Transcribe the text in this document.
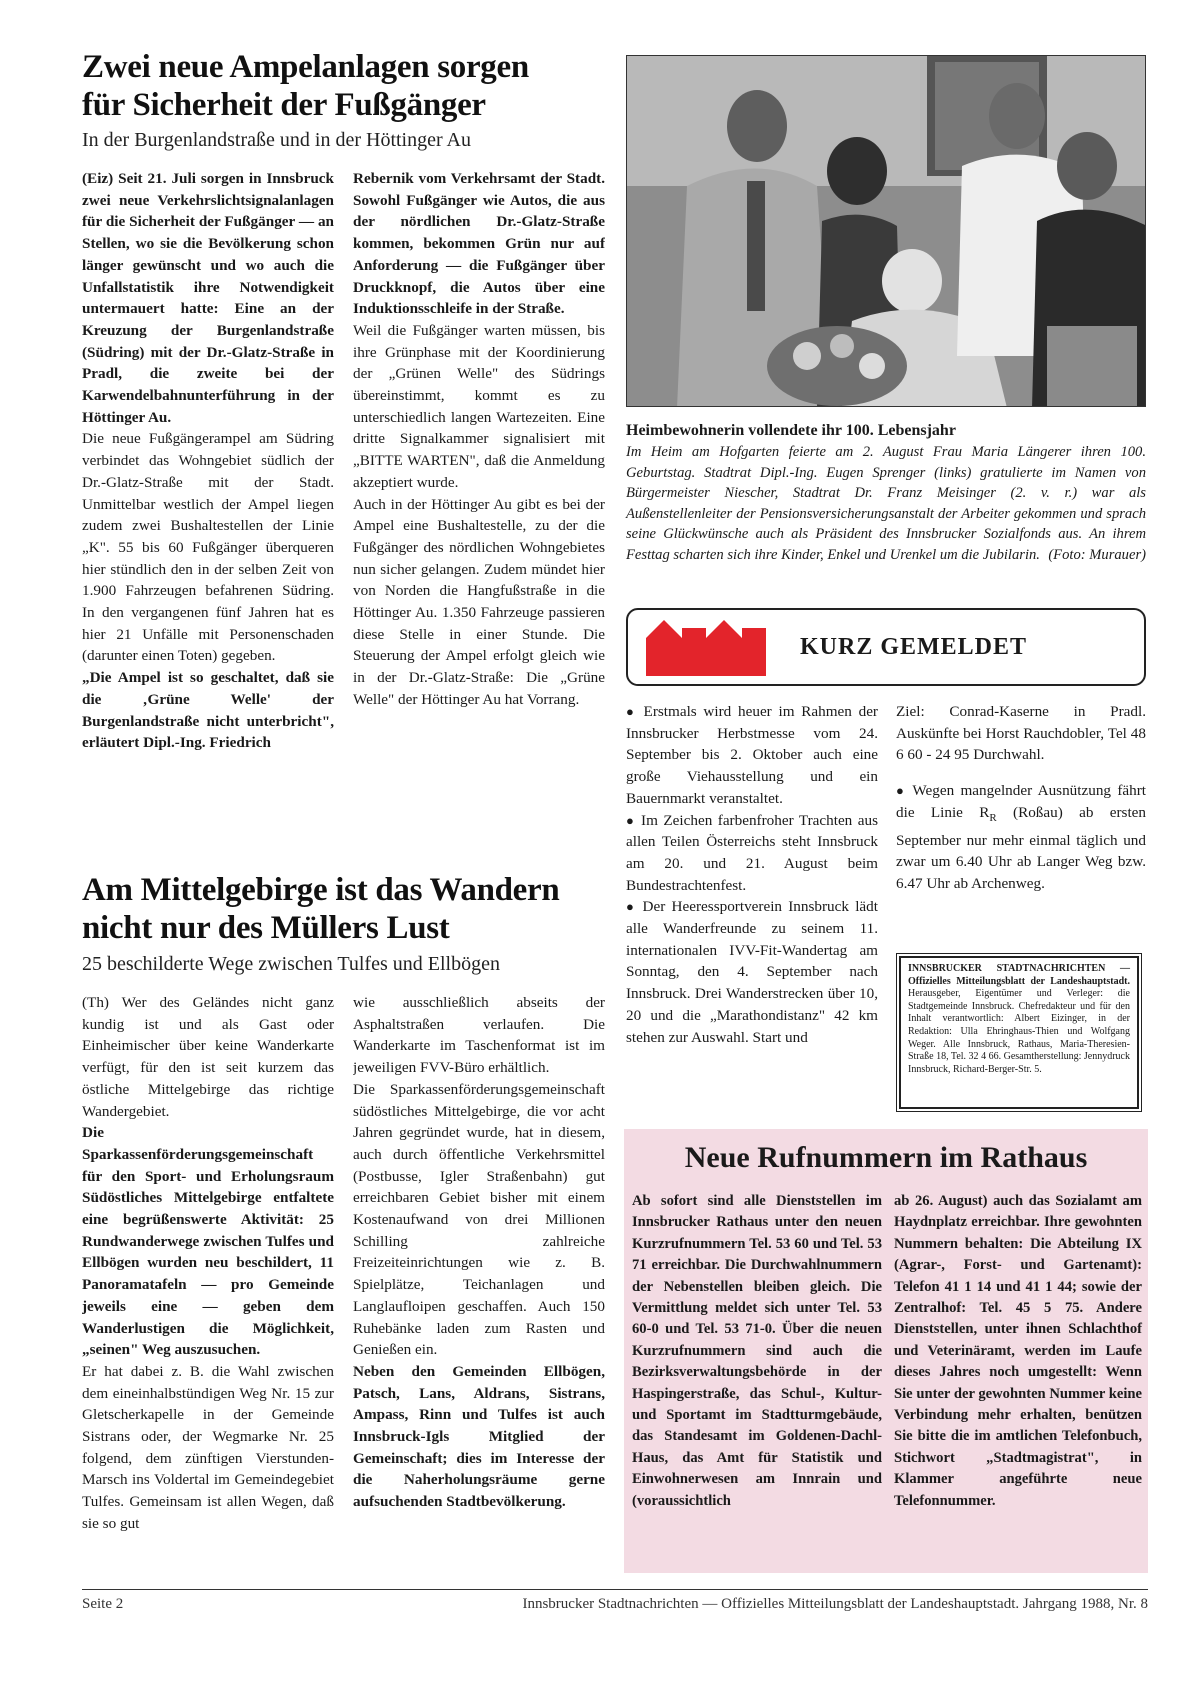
Zwei neue Ampelanlagen sorgen
für Sicherheit der Fußgänger
In der Burgenlandstraße und in der Höttinger Au

(Eiz) Seit 21. Juli sorgen in Innsbruck zwei neue Verkehrslichtsignalanlagen für die Sicherheit der Fußgänger — an Stellen, wo sie die Bevölkerung schon länger gewünscht und wo auch die Unfallstatistik ihre Notwendigkeit untermauert hatte: Eine an der Kreuzung der Burgenlandstraße (Südring) mit der Dr.-Glatz-Straße in Pradl, die zweite bei der Karwendelbahnunterführung in der Höttinger Au.

Die neue Fußgängerampel am Südring verbindet das Wohngebiet südlich der Dr.-Glatz-Straße mit der Stadt. Unmittelbar westlich der Ampel liegen zudem zwei Bushaltestellen der Linie „K". 55 bis 60 Fußgänger überqueren hier stündlich den in der selben Zeit von 1.900 Fahrzeugen befahrenen Südring. In den vergangenen fünf Jahren hat es hier 21 Unfälle mit Personenschaden (darunter einen Toten) gegeben.

„Die Ampel ist so geschaltet, daß sie die ‚Grüne Welle' der Burgenlandstraße nicht unterbricht", erläutert Dipl.-Ing. Friedrich

Rebernik vom Verkehrsamt der Stadt. Sowohl Fußgänger wie Autos, die aus der nördlichen Dr.-Glatz-Straße kommen, bekommen Grün nur auf Anforderung — die Fußgänger über Druckknopf, die Autos über eine Induktionsschleife in der Straße.

Weil die Fußgänger warten müssen, bis ihre Grünphase mit der Koordinierung der „Grünen Welle" des Südrings übereinstimmt, kommt es zu unterschiedlich langen Wartezeiten. Eine dritte Signalkammer signalisiert mit „BITTE WARTEN", daß die Anmeldung akzeptiert wurde.

Auch in der Höttinger Au gibt es bei der Ampel eine Bushaltestelle, zu der die Fußgänger des nördlichen Wohngebietes nun sicher gelangen. Zudem mündet hier von Norden die Hangfußstraße in die Höttinger Au. 1.350 Fahrzeuge passieren diese Stelle in einer Stunde. Die Steuerung der Ampel erfolgt gleich wie in der Dr.-Glatz-Straße: Die „Grüne Welle" der Höttinger Au hat Vorrang.

Heimbewohnerin vollendete ihr 100. Lebensjahr
Im Heim am Hofgarten feierte am 2. August Frau Maria Längerer ihren 100. Geburtstag. Stadtrat Dipl.-Ing. Eugen Sprenger (links) gratulierte im Namen von Bürgermeister Niescher, Stadtrat Dr. Franz Meisinger (2. v. r.) war als Außenstellenleiter der Pensionsversicherungsanstalt der Arbeiter gekommen und sprach seine Glückwünsche auch als Präsident des Innsbrucker Sozialfonds aus. An ihrem Festtag scharten sich ihre Kinder, Enkel und Urenkel um die Jubilarin. (Foto: Murauer)
KURZ GEMELDET

● Erstmals wird heuer im Rahmen der Innsbrucker Herbstmesse vom 24. September bis 2. Oktober auch eine große Viehausstellung und ein Bauernmarkt veranstaltet.

● Im Zeichen farbenfroher Trachten aus allen Teilen Österreichs steht Innsbruck am 20. und 21. August beim Bundestrachtenfest.

● Der Heeressportverein Innsbruck lädt alle Wanderfreunde zu seinem 11. internationalen IVV-Fit-Wandertag am Sonntag, den 4. September nach Innsbruck. Drei Wanderstrecken über 10, 20 und die „Marathondistanz" 42 km stehen zur Auswahl. Start und

Ziel: Conrad-Kaserne in Pradl. Auskünfte bei Horst Rauchdobler, Tel 48 6 60 - 24 95 Durchwahl.

● Wegen mangelnder Ausnützung fährt die Linie $R_R$ (Roßau) ab ersten September nur mehr einmal täglich und zwar um 6.40 Uhr ab Langer Weg bzw. 6.47 Uhr ab Archenweg.

INNSBRUCKER STADTNACHRICHTEN — Offizielles Mitteilungsblatt der Landeshauptstadt. Herausgeber, Eigentümer und Verleger: die Stadtgemeinde Innsbruck. Chefredakteur und für den Inhalt verantwortlich: Albert Eizinger, in der Redaktion: Ulla Ehringhaus-Thien und Wolfgang Weger. Alle Innsbruck, Rathaus, Maria-Theresien-Straße 18, Tel. 32 4 66. Gesamtherstellung: Jennydruck Innsbruck, Richard-Berger-Str. 5.
Am Mittelgebirge ist das Wandern
nicht nur des Müllers Lust
25 beschilderte Wege zwischen Tulfes und Ellbögen

(Th) Wer des Geländes nicht ganz kundig ist und als Gast oder Einheimischer über keine Wanderkarte verfügt, für den ist seit kurzem das östliche Mittelgebirge das richtige Wandergebiet.

Die Sparkassenförderungsgemeinschaft für den Sport- und Erholungsraum Südöstliches Mittelgebirge entfaltete eine begrüßenswerte Aktivität: 25 Rundwanderwege zwischen Tulfes und Ellbögen wurden neu beschildert, 11 Panoramatafeln — pro Gemeinde jeweils eine — geben dem Wanderlustigen die Möglichkeit, „seinen" Weg auszusuchen.

Er hat dabei z. B. die Wahl zwischen dem eineinhalbstündigen Weg Nr. 15 zur Gletscherkapelle in der Gemeinde Sistrans oder, der Wegmarke Nr. 25 folgend, dem zünftigen Vierstunden-Marsch ins Voldertal im Gemeindegebiet Tulfes. Gemeinsam ist allen Wegen, daß sie so gut

wie ausschließlich abseits der Asphaltstraßen verlaufen. Die Wanderkarte im Taschenformat ist im jeweiligen FVV-Büro erhältlich.

Die Sparkassenförderungsgemeinschaft südöstliches Mittelgebirge, die vor acht Jahren gegründet wurde, hat in diesem, auch durch öffentliche Verkehrsmittel (Postbusse, Igler Straßenbahn) gut erreichbaren Gebiet bisher mit einem Kostenaufwand von drei Millionen Schilling zahlreiche Freizeiteinrichtungen wie z. B. Spielplätze, Teichanlagen und Langlaufloipen geschaffen. Auch 150 Ruhebänke laden zum Rasten und Genießen ein.

Neben den Gemeinden Ellbögen, Patsch, Lans, Aldrans, Sistrans, Ampass, Rinn und Tulfes ist auch Innsbruck-Igls Mitglied der Gemeinschaft; dies im Interesse der die Naherholungsräume gerne aufsuchenden Stadtbevölkerung.

Neue Rufnummern im Rathaus
Ab sofort sind alle Dienststellen im Innsbrucker Rathaus unter den neuen Kurzrufnummern Tel. 53 60 und Tel. 53 71 erreichbar. Die Durchwahlnummern der Nebenstellen bleiben gleich. Die Vermittlung meldet sich unter Tel. 53 60-0 und Tel. 53 71-0. Über die neuen Kurzrufnummern sind auch die Bezirksverwaltungsbehörde in der Haspingerstraße, das Schul-, Kultur- und Sportamt im Stadtturmgebäude, das Standesamt im Goldenen-Dachl-Haus, das Amt für Statistik und Einwohnerwesen am Innrain und (voraussichtlich
ab 26. August) auch das Sozialamt am Haydnplatz erreichbar. Ihre gewohnten Nummern behalten: Die Abteilung IX (Agrar-, Forst- und Gartenamt): Telefon 41 1 14 und 41 1 44; sowie der Zentralhof: Tel. 45 5 75. Andere Dienststellen, unter ihnen Schlachthof und Veterinäramt, werden im Laufe dieses Jahres noch umgestellt: Wenn Sie unter der gewohnten Nummer keine Verbindung mehr erhalten, benützen Sie bitte die im amtlichen Telefonbuch, Stichwort „Stadtmagistrat", in Klammer angeführte neue Telefonnummer.
Seite 2	Innsbrucker Stadtnachrichten — Offizielles Mitteilungsblatt der Landeshauptstadt. Jahrgang 1988, Nr. 8
